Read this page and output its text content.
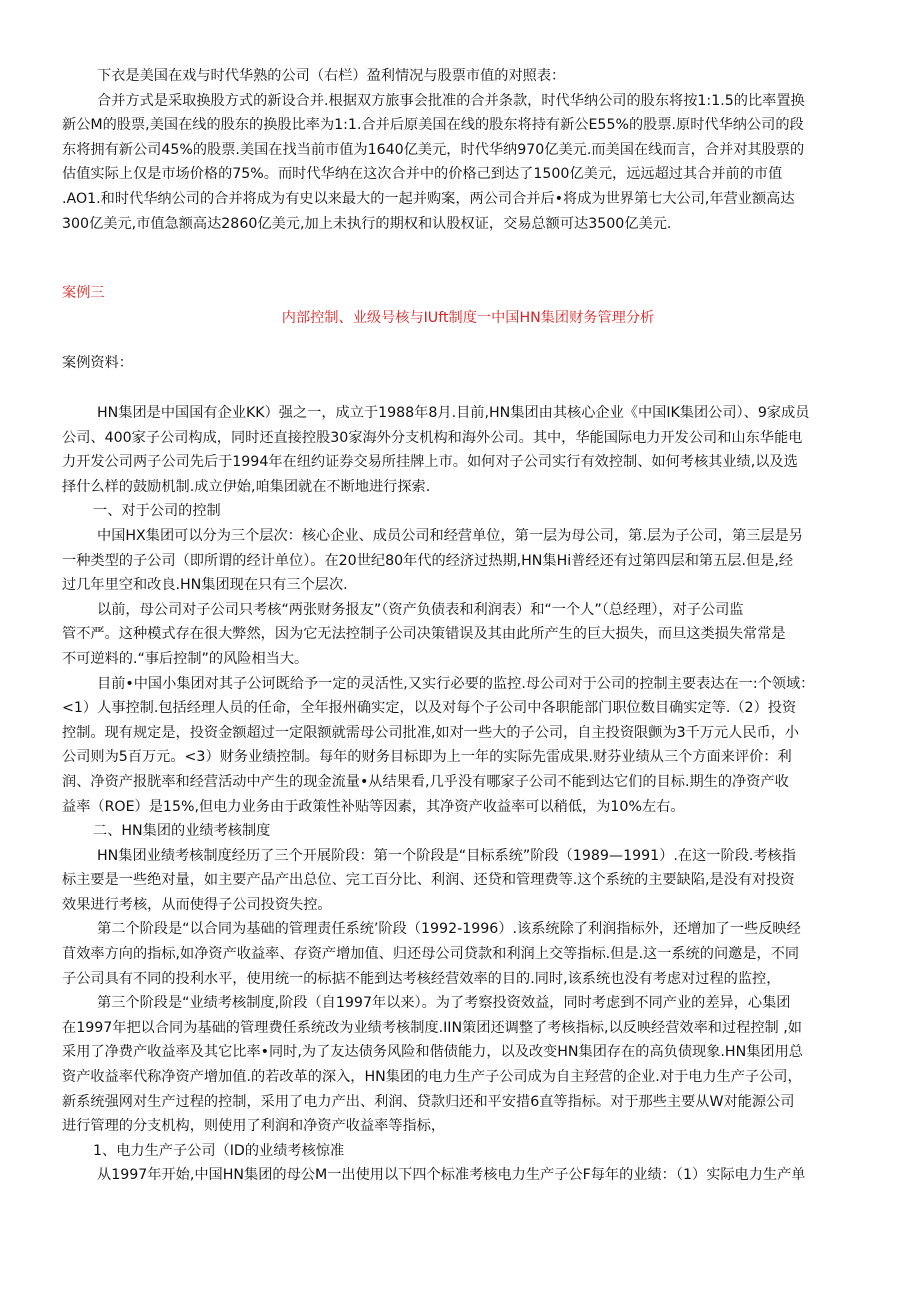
下衣是美国在戏与时代华熟的公司（右栏）盈利情况与股票市值的对照表：
合并方式是采取换股方式的新设合并.根据双方旅事会批准的合并条款，时代华纳公司的股东将按1:1.5的比率置换
新公M的股票,美国在线的股东的换股比率为1:1.合并后原美国在线的股东将持有新公E55%的股票.原时代华纳公司的段
东将拥有新公司45%的股票.美国在找当前市值为1640亿美元，时代华纳970亿美元.而美国在线而言，合并对其股票的
估值实际上仅是市场价格的75%。而时代华纳在这次合并中的价格己到达了1500亿美元，远远超过其合并前的市值
.AO1.和时代华纳公司的合并将成为有史以来最大的一起并购案，两公司合并后•将成为世界第七大公司,年营业额高达
300亿美元,市值急额高达2860亿美元,加上未执行的期权和认股权证，交易总额可达3500亿美元.
案例三
内部控制、业级号核与IUft制度一中国HN集团财务管理分析
案例资料：
HN集团是中国国有企业KK）强之一，成立于1988年8月.目前,HN集团由其核心企业《中国IK集团公司）、9家成员
公司、400家子公司构成，同时还直接控股30家海外分支机构和海外公司。其中，华能国际电力开发公司和山东华能电
力开发公司两子公司先后于1994年在纽约证券交易所挂牌上市。如何对子公司实行有效控制、如何考核其业绩,以及选
择什么样的鼓励机制.成立伊始,咱集团就在不断地进行探索.
一、对于公司的控制
中国HX集团可以分为三个层次：核心企业、成员公司和经营单位，第一层为母公司，第.层为子公司，第三层是另
一种类型的子公司（即所谓的经计单位）。在20世纪80年代的经济过热期,HN集Hi普经还有过第四层和第五层.但是,经
过几年里空和改良.HN集团现在只有三个层次.
以前，母公司对子公司只考核“两张财务报友”（资产负债表和利润表）和“一个人”（总经理），对子公司监
管不严。这种模式存在很大弊然，因为它无法控制子公司决策错误及其由此所产生的巨大损失，而旦这类损失常常是
不可逆料的.“事后控制”的风险相当大。
目前•中国小集团对其子公诃既给予一定的灵活性,又实行必要的监控.母公司对于公司的控制主要表达在一:个领域：
<1）人事控制.包括经理人员的任命，全年报州确实定，以及对每个子公司中各职能部门职位数目确实定等.（2）投资
控制。现有规定是，投资金额超过一定限额就需母公司批准,如对一些大的子公司，自主投资限颤为3千万元人民币，小
公司则为5百万元。<3）财务业绩控制。每年的财务目标即为上一年的实际先雷成果.财芬业绩从三个方面来评价：利
润、净资产报胱率和经营活动中产生的现金流量•从结果看,几乎没有哪家子公司不能到达它们的目标.期生的净资产收
益率（ROE）是15%,但电力业务由于政策性补贴等因素，其净资产收益率可以稍低，为10%左右。
二、HN集团的业绩考核制度
HN集团业绩考核制度经历了三个开展阶段：第一个阶段是“目标系统”阶段（1989—1991）.在这一阶段.考核指
标主要是一些绝对量，如主要产品产出总位、完工百分比、利润、还贷和管理费等.这个系统的主要缺陷,是没有对投资
效果进行考核，从而使得子公司投资失控。
第二个阶段是“以合同为基础的管理责任系统’阶段（1992-1996）.该系统除了利润指标外，还增加了一些反映经
苜效率方向的指标,如净资产收益率、存资产增加值、归还母公司贷款和利润上交等指标.但是.这一系统的问邀是，不同
子公司具有不同的投利水平，使用统一的标掂不能到达考核经营效率的目的.同时,该系统也没有考虑对过程的监控，
第三个阶段是“业绩考核制度,阶段（自1997年以来）。为了考察投资效益，同时考虑到不同产业的差异，心集团
在1997年把以合同为基础的管理费任系统改为业绩考核制度.IIN策团还调整了考核指标,以反映经营效率和过程控制 ,如
采用了净费产收益率及其它比率•同时,为了友达债务风险和偕债能力，以及改变HN集团存在的高负债现象.HN集团用总
资产收益率代称净资产增加值.的若改革的深入，HN集团的电力生产子公司成为自主羟营的企业.对于电力生产子公司，
新系统强网对生产过程的控制，采用了电力产出、利润、贷款归还和平安措6直等指标。对于那些主要从W对能源公司
进行管理的分支机构，则使用了利润和净资产收益率等指标，
1、电力生产子公司（ID的业绩考核惊准
从1997年开始,中国HN集团的母公M一出使用以下四个标准考核电力生产子公F每年的业绩：（1）实际电力生产单
